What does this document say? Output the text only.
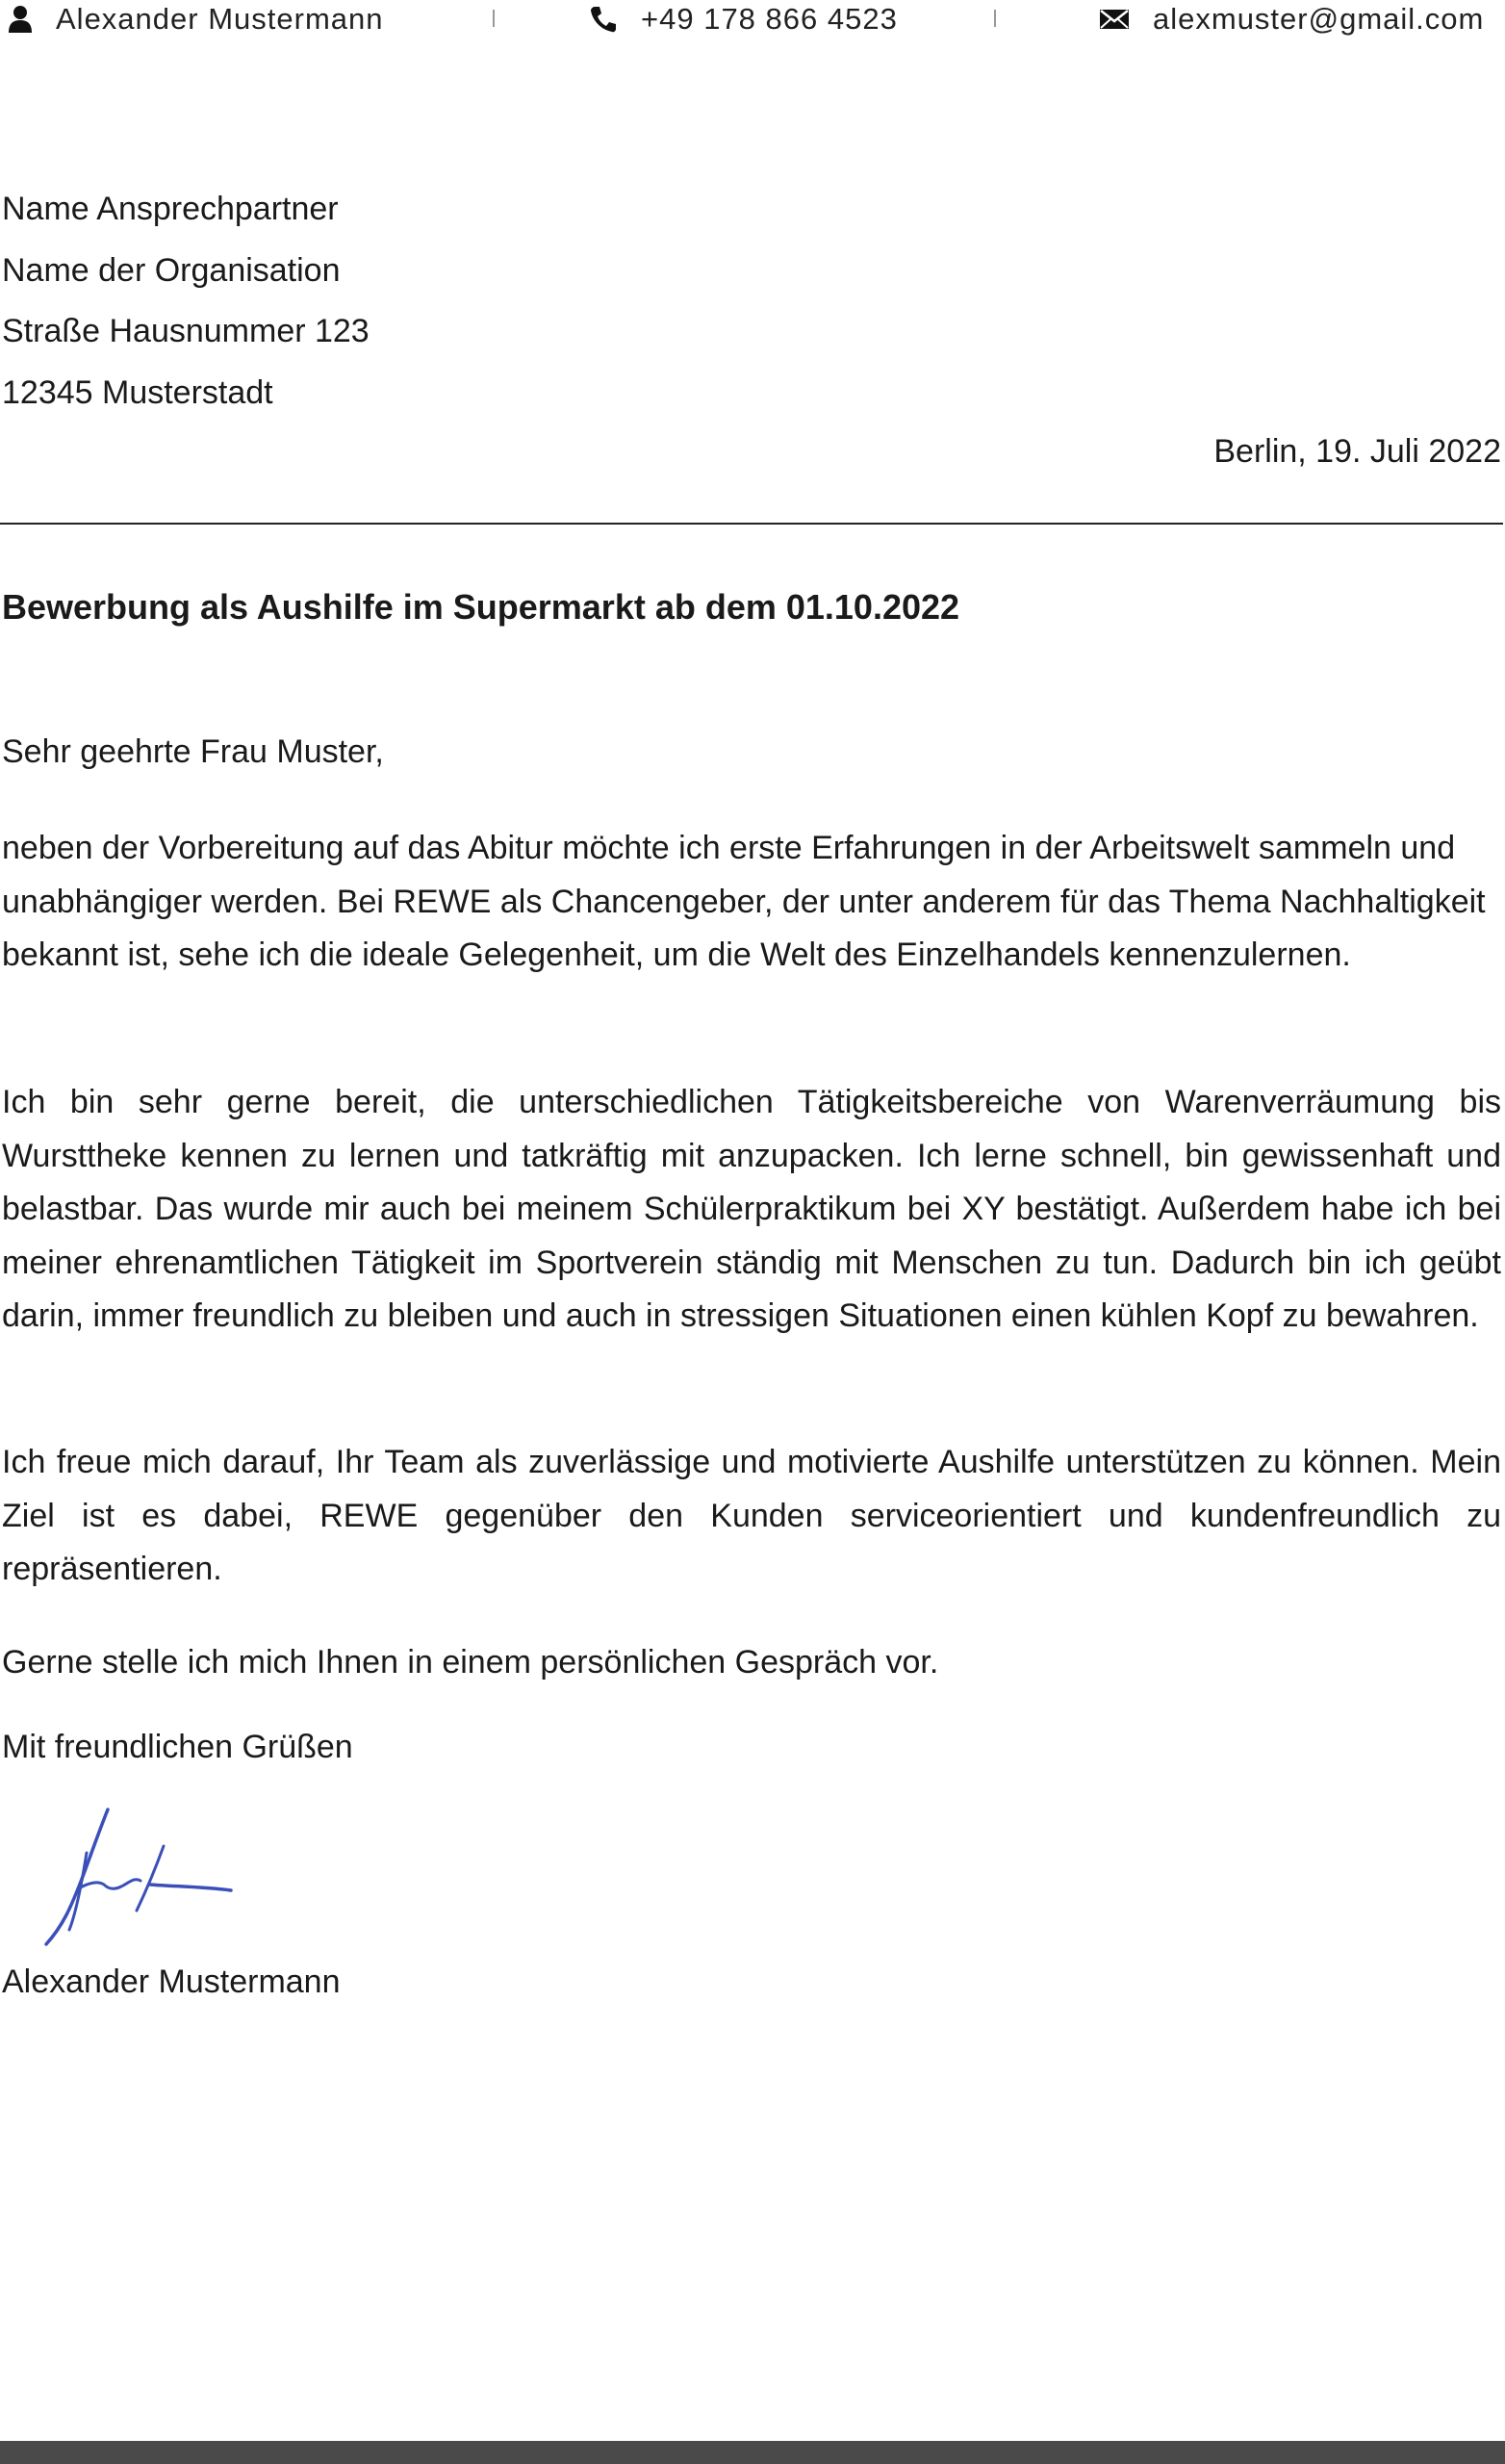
Alexander Mustermann	+49 178 866 4523	alexmuster@gmail.com
Name Ansprechpartner
Name der Organisation
Straße Hausnummer 123
12345 Musterstadt
Berlin, 19. Juli 2022
Bewerbung als Aushilfe im Supermarkt ab dem 01.10.2022
Sehr geehrte Frau Muster,

neben der Vorbereitung auf das Abitur möchte ich erste Erfahrungen in der Arbeitswelt sammeln und unabhängiger werden. Bei REWE als Chancengeber, der unter anderem für das Thema Nachhaltigkeit bekannt ist, sehe ich die ideale Gelegenheit, um die Welt des Einzelhandels kennenzulernen.

Ich bin sehr gerne bereit, die unterschiedlichen Tätigkeitsbereiche von Warenverräumung bis Wursttheke kennen zu lernen und tatkräftig mit anzupacken. Ich lerne schnell, bin gewissenhaft und belastbar. Das wurde mir auch bei meinem Schülerpraktikum bei XY bestätigt. Außerdem habe ich bei meiner ehrenamtlichen Tätigkeit im Sportverein ständig mit Menschen zu tun. Dadurch bin ich geübt darin, immer freundlich zu bleiben und auch in stressigen Situationen einen kühlen Kopf zu bewahren.

Ich freue mich darauf, Ihr Team als zuverlässige und motivierte Aushilfe unterstützen zu können. Mein Ziel ist es dabei, REWE gegenüber den Kunden serviceorientiert und kundenfreundlich zu repräsentieren.

Gerne stelle ich mich Ihnen in einem persönlichen Gespräch vor.

Mit freundlichen Grüßen
Alexander Mustermann
